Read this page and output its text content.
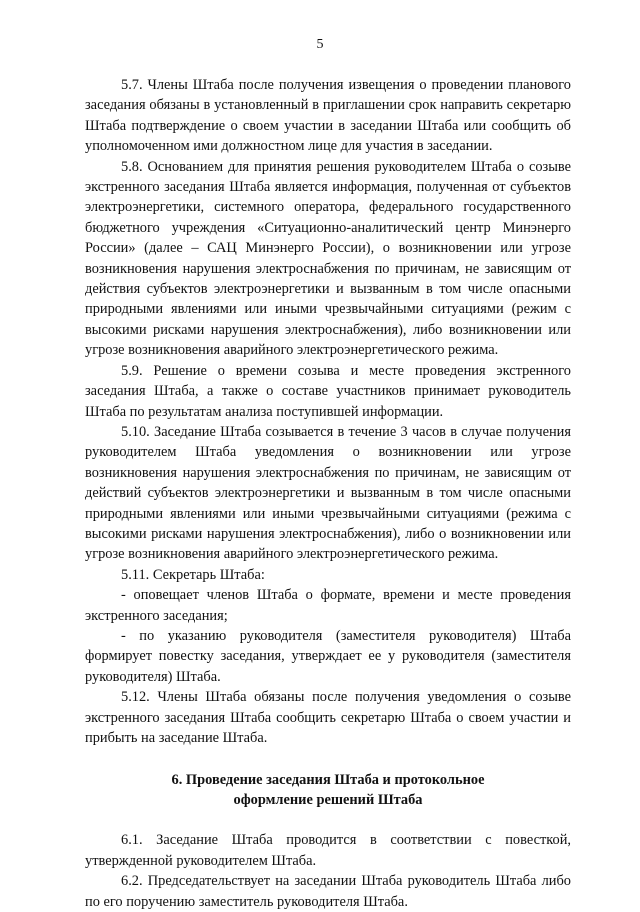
5

5.7. Члены Штаба после получения извещения о проведении планового заседания обязаны в установленный в приглашении срок направить секретарю Штаба подтверждение о своем участии в заседании Штаба или сообщить об уполномоченном ими должностном лице для участия в заседании.

5.8. Основанием для принятия решения руководителем Штаба о созыве экстренного заседания Штаба является информация, полученная от субъектов электроэнергетики, системного оператора, федерального государственного бюджетного учреждения «Ситуационно-аналитический центр Минэнерго России» (далее – САЦ Минэнерго России), о возникновении или угрозе возникновения нарушения электроснабжения по причинам, не зависящим от действия субъектов электроэнергетики и вызванным в том числе опасными природными явлениями или иными чрезвычайными ситуациями (режим с высокими рисками нарушения электроснабжения), либо возникновении или угрозе возникновения аварийного электроэнергетического режима.

5.9. Решение о времени созыва и месте проведения экстренного заседания Штаба, а также о составе участников принимает руководитель Штаба по результатам анализа поступившей информации.

5.10. Заседание Штаба созывается в течение 3 часов в случае получения руководителем Штаба уведомления о возникновении или угрозе возникновения нарушения электроснабжения по причинам, не зависящим от действий субъектов электроэнергетики и вызванным в том числе опасными природными явлениями или иными чрезвычайными ситуациями (режима с высокими рисками нарушения электроснабжения), либо о возникновении или угрозе возникновения аварийного электроэнергетического режима.

5.11. Секретарь Штаба:

- оповещает членов Штаба о формате, времени и месте проведения экстренного заседания;

- по указанию руководителя (заместителя руководителя) Штаба формирует повестку заседания, утверждает ее у руководителя (заместителя руководителя) Штаба.

5.12. Члены Штаба обязаны после получения уведомления о созыве экстренного заседания Штаба сообщить секретарю Штаба о своем участии и прибыть на заседание Штаба.

6. Проведение заседания Штаба и протокольное
оформление решений Штаба

6.1. Заседание Штаба проводится в соответствии с повесткой, утвержденной руководителем Штаба.

6.2. Председательствует на заседании Штаба руководитель Штаба либо по его поручению заместитель руководителя Штаба.
